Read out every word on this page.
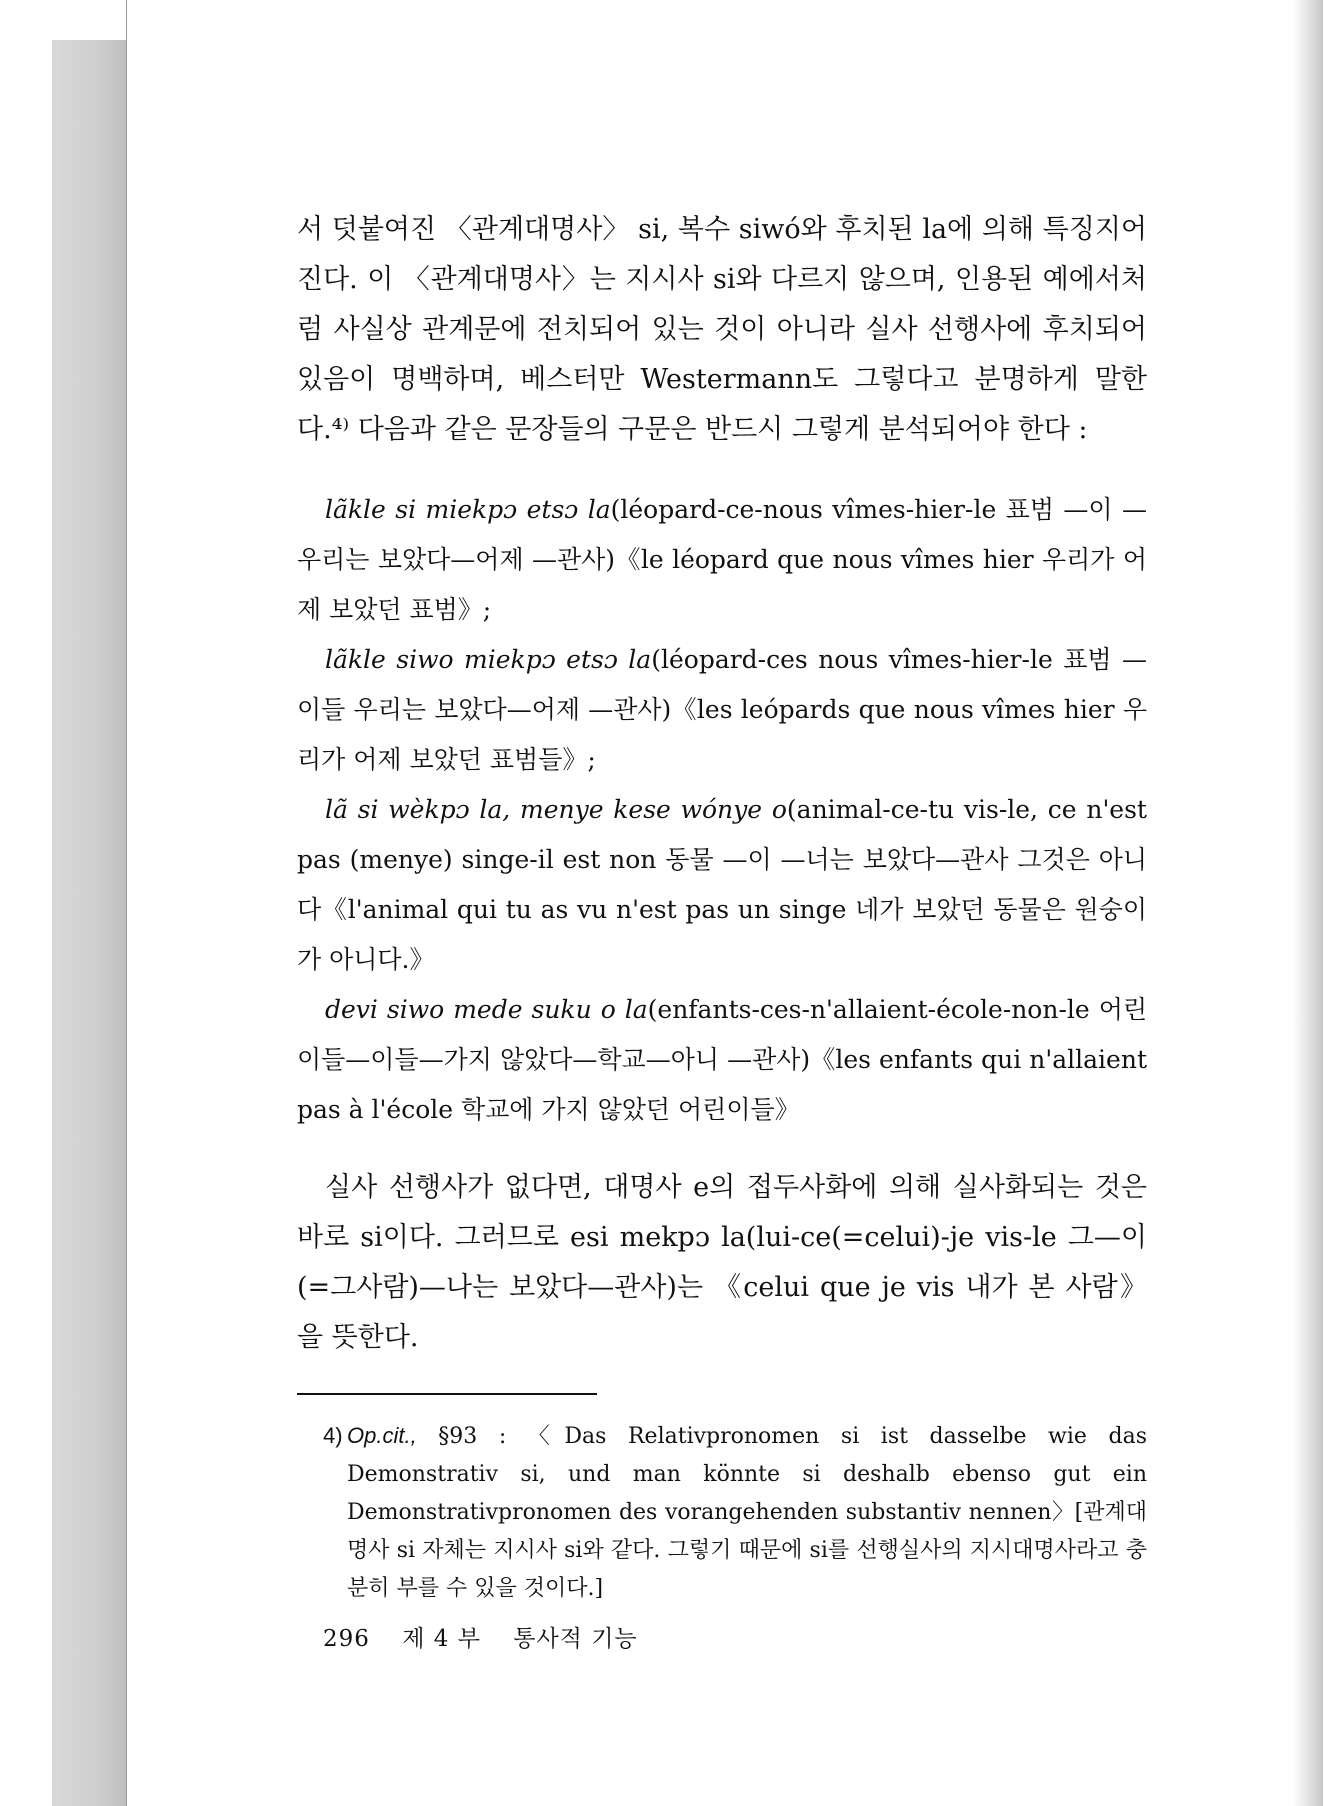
서 덧붙여진 〈관계대명사〉 si, 복수 siwó와 후치된 la에 의해 특징지어진다. 이 〈관계대명사〉는 지시사 si와 다르지 않으며, 인용된 예에서처럼 사실상 관계문에 전치되어 있는 것이 아니라 실사 선행사에 후치되어 있음이 명백하며, 베스터만 Westermann도 그렇다고 분명하게 말한다.⁴⁾ 다음과 같은 문장들의 구문은 반드시 그렇게 분석되어야 한다 :

lãkle si miekpɔ etsɔ la(léopard-ce-nous vîmes-hier-le 표범 —이 —우리는 보았다—어제 —관사)《le léopard que nous vîmes hier 우리가 어제 보았던 표범》;

lãkle siwo miekpɔ etsɔ la(léopard-ces nous vîmes-hier-le 표범 —이들 우리는 보았다—어제 —관사)《les leópards que nous vîmes hier 우리가 어제 보았던 표범들》;

lã si wèkpɔ la, menye kese wónye o(animal-ce-tu vis-le, ce n'est pas (menye) singe-il est non 동물 —이 —너는 보았다—관사 그것은 아니다《l'animal qui tu as vu n'est pas un singe 네가 보았던 동물은 원숭이가 아니다.》

devi siwo mede suku o la(enfants-ces-n'allaient-école-non-le 어린이들—이들—가지 않았다—학교—아니 —관사)《les enfants qui n'allaient pas à l'école 학교에 가지 않았던 어린이들》

실사 선행사가 없다면, 대명사 e의 접두사화에 의해 실사화되는 것은 바로 si이다. 그러므로 esi mekpɔ la(lui-ce(=celui)-je vis-le 그—이(=그사람)—나는 보았다—관사)는 《celui que je vis 내가 본 사람》을 뜻한다.

4) Op.cit., §93 : 〈Das Relativpronomen si ist dasselbe wie das Demonstrativ si, und man könnte si deshalb ebenso gut ein Demonstrativpronomen des vorangehenden substantiv nennen〉[관계대명사 si 자체는 지시사 si와 같다. 그렇기 때문에 si를 선행실사의 지시대명사라고 충분히 부를 수 있을 것이다.]
296 제 4 부 통사적 기능
